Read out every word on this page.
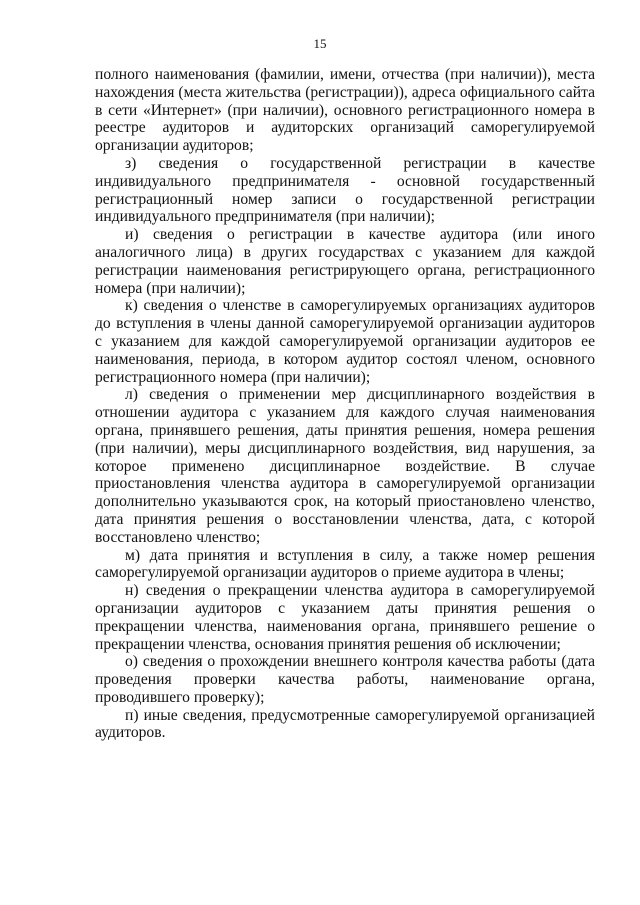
15

полного наименования (фамилии, имени, отчества (при наличии)), места нахождения (места жительства (регистрации)), адреса официального сайта в сети «Интернет» (при наличии), основного регистрационного номера в реестре аудиторов и аудиторских организаций саморегулируемой организации аудиторов;

з) сведения о государственной регистрации в качестве индивидуального предпринимателя - основной государственный регистрационный номер записи о государственной регистрации индивидуального предпринимателя (при наличии);

и) сведения о регистрации в качестве аудитора (или иного аналогичного лица) в других государствах с указанием для каждой регистрации наименования регистрирующего органа, регистрационного номера (при наличии);

к) сведения о членстве в саморегулируемых организациях аудиторов до вступления в члены данной саморегулируемой организации аудиторов с указанием для каждой саморегулируемой организации аудиторов ее наименования, периода, в котором аудитор состоял членом, основного регистрационного номера (при наличии);

л) сведения о применении мер дисциплинарного воздействия в отношении аудитора с указанием для каждого случая наименования органа, принявшего решения, даты принятия решения, номера решения (при наличии), меры дисциплинарного воздействия, вид нарушения, за которое применено дисциплинарное воздействие. В случае приостановления членства аудитора в саморегулируемой организации дополнительно указываются срок, на который приостановлено членство, дата принятия решения о восстановлении членства, дата, с которой восстановлено членство;

м) дата принятия и вступления в силу, а также номер решения саморегулируемой организации аудиторов о приеме аудитора в члены;

н) сведения о прекращении членства аудитора в саморегулируемой организации аудиторов с указанием даты принятия решения о прекращении членства, наименования органа, принявшего решение о прекращении членства, основания принятия решения об исключении;

о) сведения о прохождении внешнего контроля качества работы (дата проведения проверки качества работы, наименование органа, проводившего проверку);

п) иные сведения, предусмотренные саморегулируемой организацией аудиторов.
